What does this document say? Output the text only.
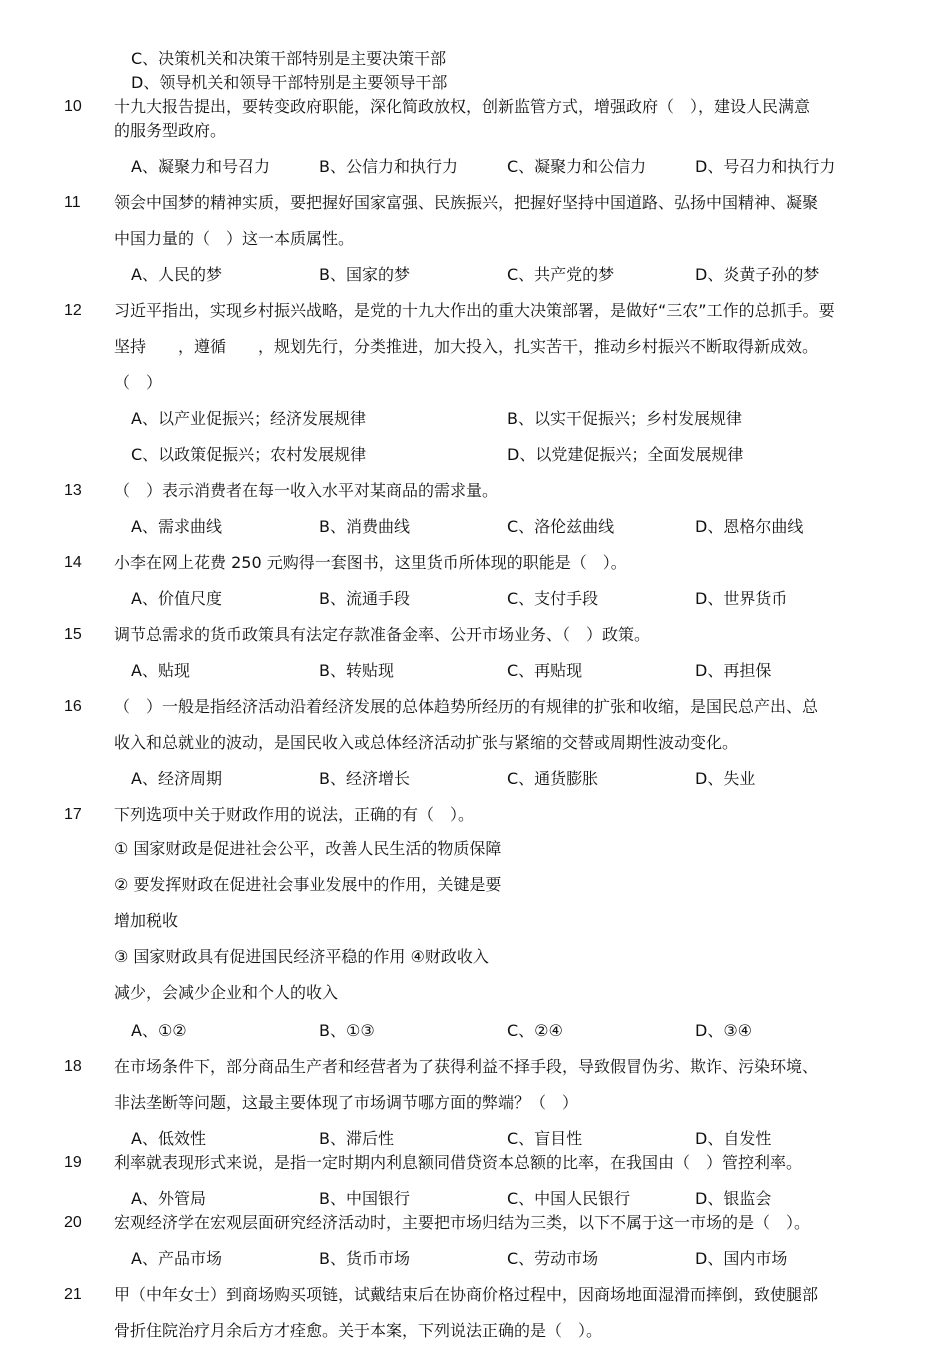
C、决策机关和决策干部特别是主要决策干部
D、领导机关和领导干部特别是主要领导干部
10 十九大报告提出，要转变政府职能，深化简政放权，创新监管方式，增强政府（　），建设人民满意
的服务型政府。
A、凝聚力和号召力	B、公信力和执行力	C、凝聚力和公信力	D、号召力和执行力
11 领会中国梦的精神实质，要把握好国家富强、民族振兴，把握好坚持中国道路、弘扬中国精神、凝聚
中国力量的（　）这一本质属性。
A、人民的梦	B、国家的梦	C、共产党的梦	D、炎黄子孙的梦
12 习近平指出，实现乡村振兴战略，是党的十九大作出的重大决策部署，是做好“三农”工作的总抓手。要
坚持　　，遵循　　，规划先行，分类推进，加大投入，扎实苦干，推动乡村振兴不断取得新成效。
（　）
A、以产业促振兴；经济发展规律	B、以实干促振兴；乡村发展规律
C、以政策促振兴；农村发展规律	D、以党建促振兴；全面发展规律
13 （　）表示消费者在每一收入水平对某商品的需求量。
A、需求曲线	B、消费曲线	C、洛伦兹曲线	D、恩格尔曲线
14 小李在网上花费 250 元购得一套图书，这里货币所体现的职能是（　）。
A、价值尺度	B、流通手段	C、支付手段	D、世界货币
15 调节总需求的货币政策具有法定存款准备金率、公开市场业务、（　）政策。
A、贴现	B、转贴现	C、再贴现	D、再担保
16 （　）一般是指经济活动沿着经济发展的总体趋势所经历的有规律的扩张和收缩，是国民总产出、总
收入和总就业的波动，是国民收入或总体经济活动扩张与紧缩的交替或周期性波动变化。
A、经济周期	B、经济增长	C、通货膨胀	D、失业
17 下列选项中关于财政作用的说法，正确的有（　）。
① 国家财政是促进社会公平，改善人民生活的物质保障
② 要发挥财政在促进社会事业发展中的作用，关键是要
增加税收
③ 国家财政具有促进国民经济平稳的作用 ④财政收入
减少，会减少企业和个人的收入
A、①②	B、①③	C、②④	D、③④
18 在市场条件下，部分商品生产者和经营者为了获得利益不择手段，导致假冒伪劣、欺诈、污染环境、
非法垄断等问题，这最主要体现了市场调节哪方面的弊端？（　）
A、低效性	B、滞后性	C、盲目性	D、自发性
19 利率就表现形式来说，是指一定时期内利息额同借贷资本总额的比率，在我国由（　）管控利率。
A、外管局	B、中国银行	C、中国人民银行	D、银监会
20 宏观经济学在宏观层面研究经济活动时，主要把市场归结为三类，以下不属于这一市场的是（　）。
A、产品市场	B、货币市场	C、劳动市场	D、国内市场
21 甲（中年女士）到商场购买项链，试戴结束后在协商价格过程中，因商场地面湿滑而摔倒，致使腿部
骨折住院治疗月余后方才痊愈。关于本案，下列说法正确的是（　）。
